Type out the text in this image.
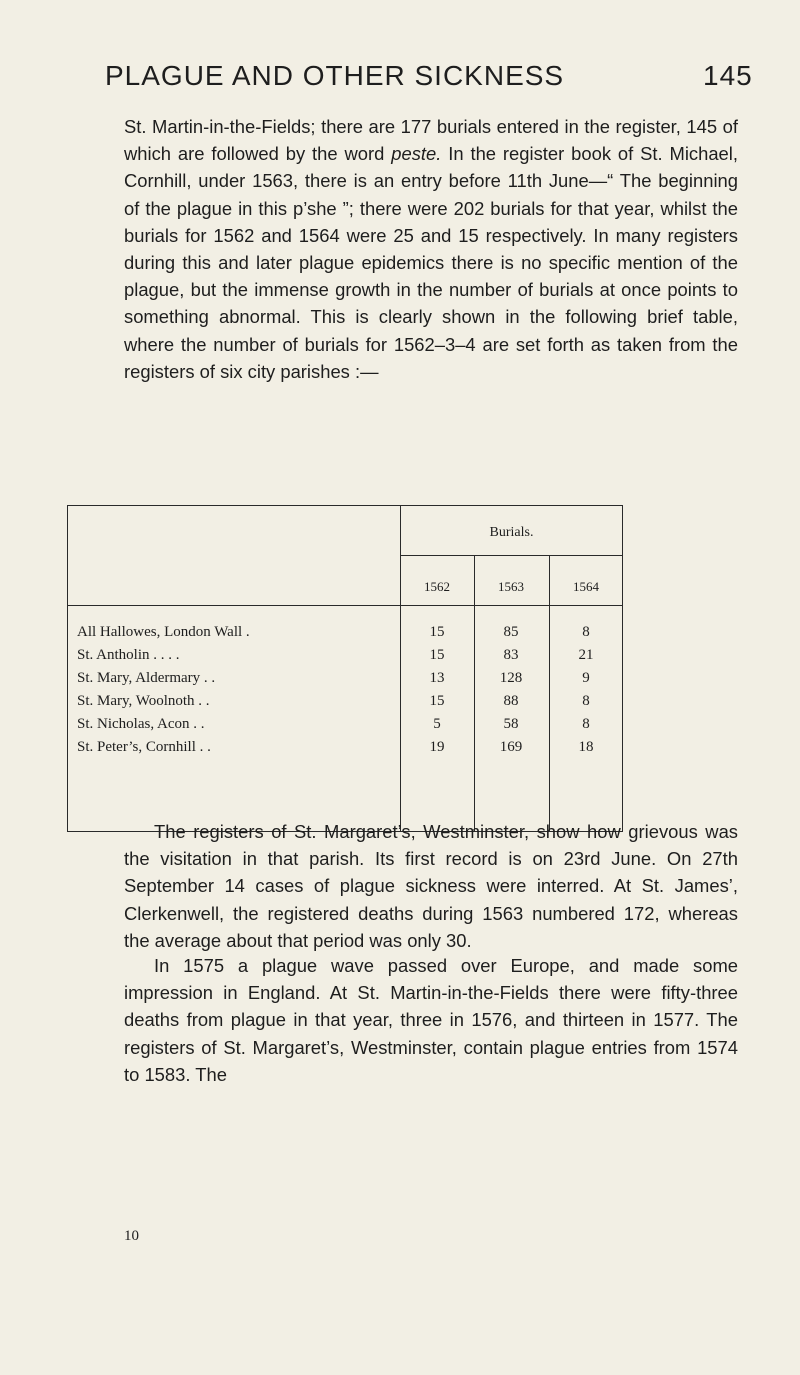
PLAGUE AND OTHER SICKNESS	145

St. Martin-in-the-Fields; there are 177 burials entered in the register, 145 of which are followed by the word peste. In the register book of St. Michael, Cornhill, under 1563, there is an entry before 11th June—“ The beginning of the plague in this p’she ”; there were 202 burials for that year, whilst the burials for 1562 and 1564 were 25 and 15 respectively. In many registers during this and later plague epidemics there is no specific mention of the plague, but the immense growth in the number of burials at once points to something abnormal. This is clearly shown in the following brief table, where the number of burials for 1562–3–4 are set forth as taken from the registers of six city parishes :—

Burials.
1562	1563	1564
All Hallowes, London Wall .	15	85	8
St. Antholin . . . .	15	83	21
St. Mary, Aldermary . .	13	128	9
St. Mary, Woolnoth . .	15	88	8
St. Nicholas, Acon . .	5	58	8
St. Peter’s, Cornhill . .	19	169	18

The registers of St. Margaret’s, Westminster, show how grievous was the visitation in that parish. Its first record is on 23rd June. On 27th September 14 cases of plague sickness were interred. At St. James’, Clerkenwell, the registered deaths during 1563 numbered 172, whereas the average about that period was only 30.

In 1575 a plague wave passed over Europe, and made some impression in England. At St. Martin-in-the-Fields there were fifty-three deaths from plague in that year, three in 1576, and thirteen in 1577. The registers of St. Margaret’s, Westminster, contain plague entries from 1574 to 1583. The

10
